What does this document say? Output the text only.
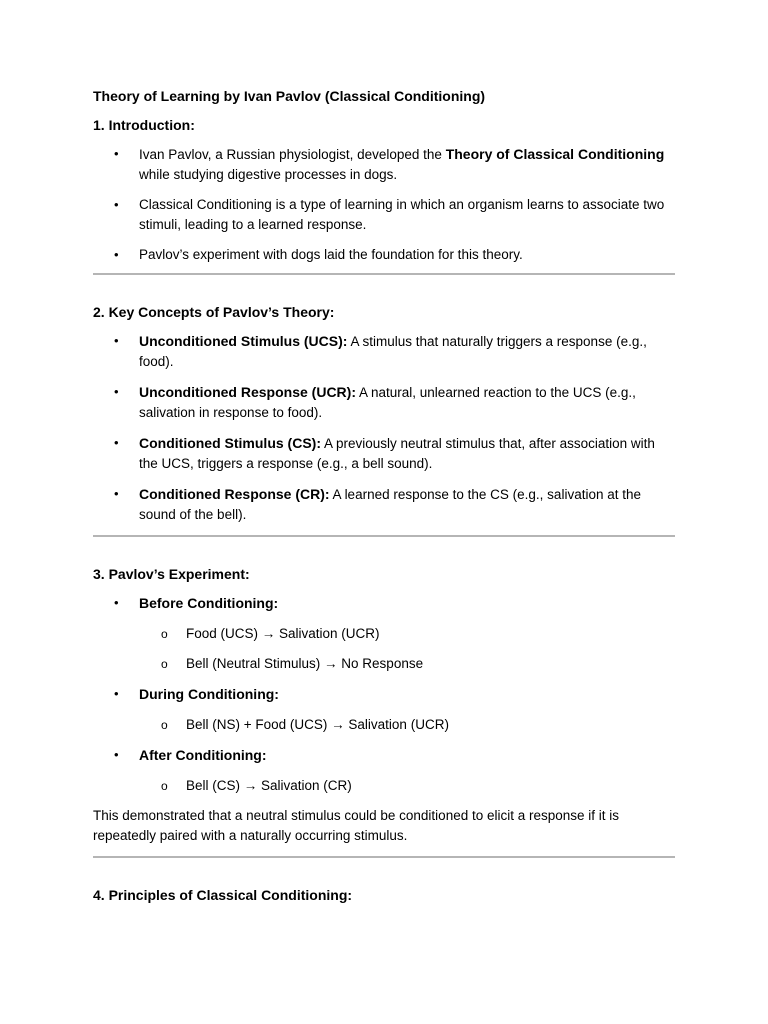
Theory of Learning by Ivan Pavlov (Classical Conditioning)
1. Introduction:
• Ivan Pavlov, a Russian physiologist, developed the Theory of Classical Conditioning while studying digestive processes in dogs.
• Classical Conditioning is a type of learning in which an organism learns to associate two stimuli, leading to a learned response.
• Pavlov’s experiment with dogs laid the foundation for this theory.
2. Key Concepts of Pavlov’s Theory:
• Unconditioned Stimulus (UCS): A stimulus that naturally triggers a response (e.g., food).
• Unconditioned Response (UCR): A natural, unlearned reaction to the UCS (e.g., salivation in response to food).
• Conditioned Stimulus (CS): A previously neutral stimulus that, after association with the UCS, triggers a response (e.g., a bell sound).
• Conditioned Response (CR): A learned response to the CS (e.g., salivation at the sound of the bell).
3. Pavlov’s Experiment:
• Before Conditioning:
o Food (UCS) → Salivation (UCR)
o Bell (Neutral Stimulus) → No Response
• During Conditioning:
o Bell (NS) + Food (UCS) → Salivation (UCR)
• After Conditioning:
o Bell (CS) → Salivation (CR)

This demonstrated that a neutral stimulus could be conditioned to elicit a response if it is repeatedly paired with a naturally occurring stimulus.

4. Principles of Classical Conditioning:
